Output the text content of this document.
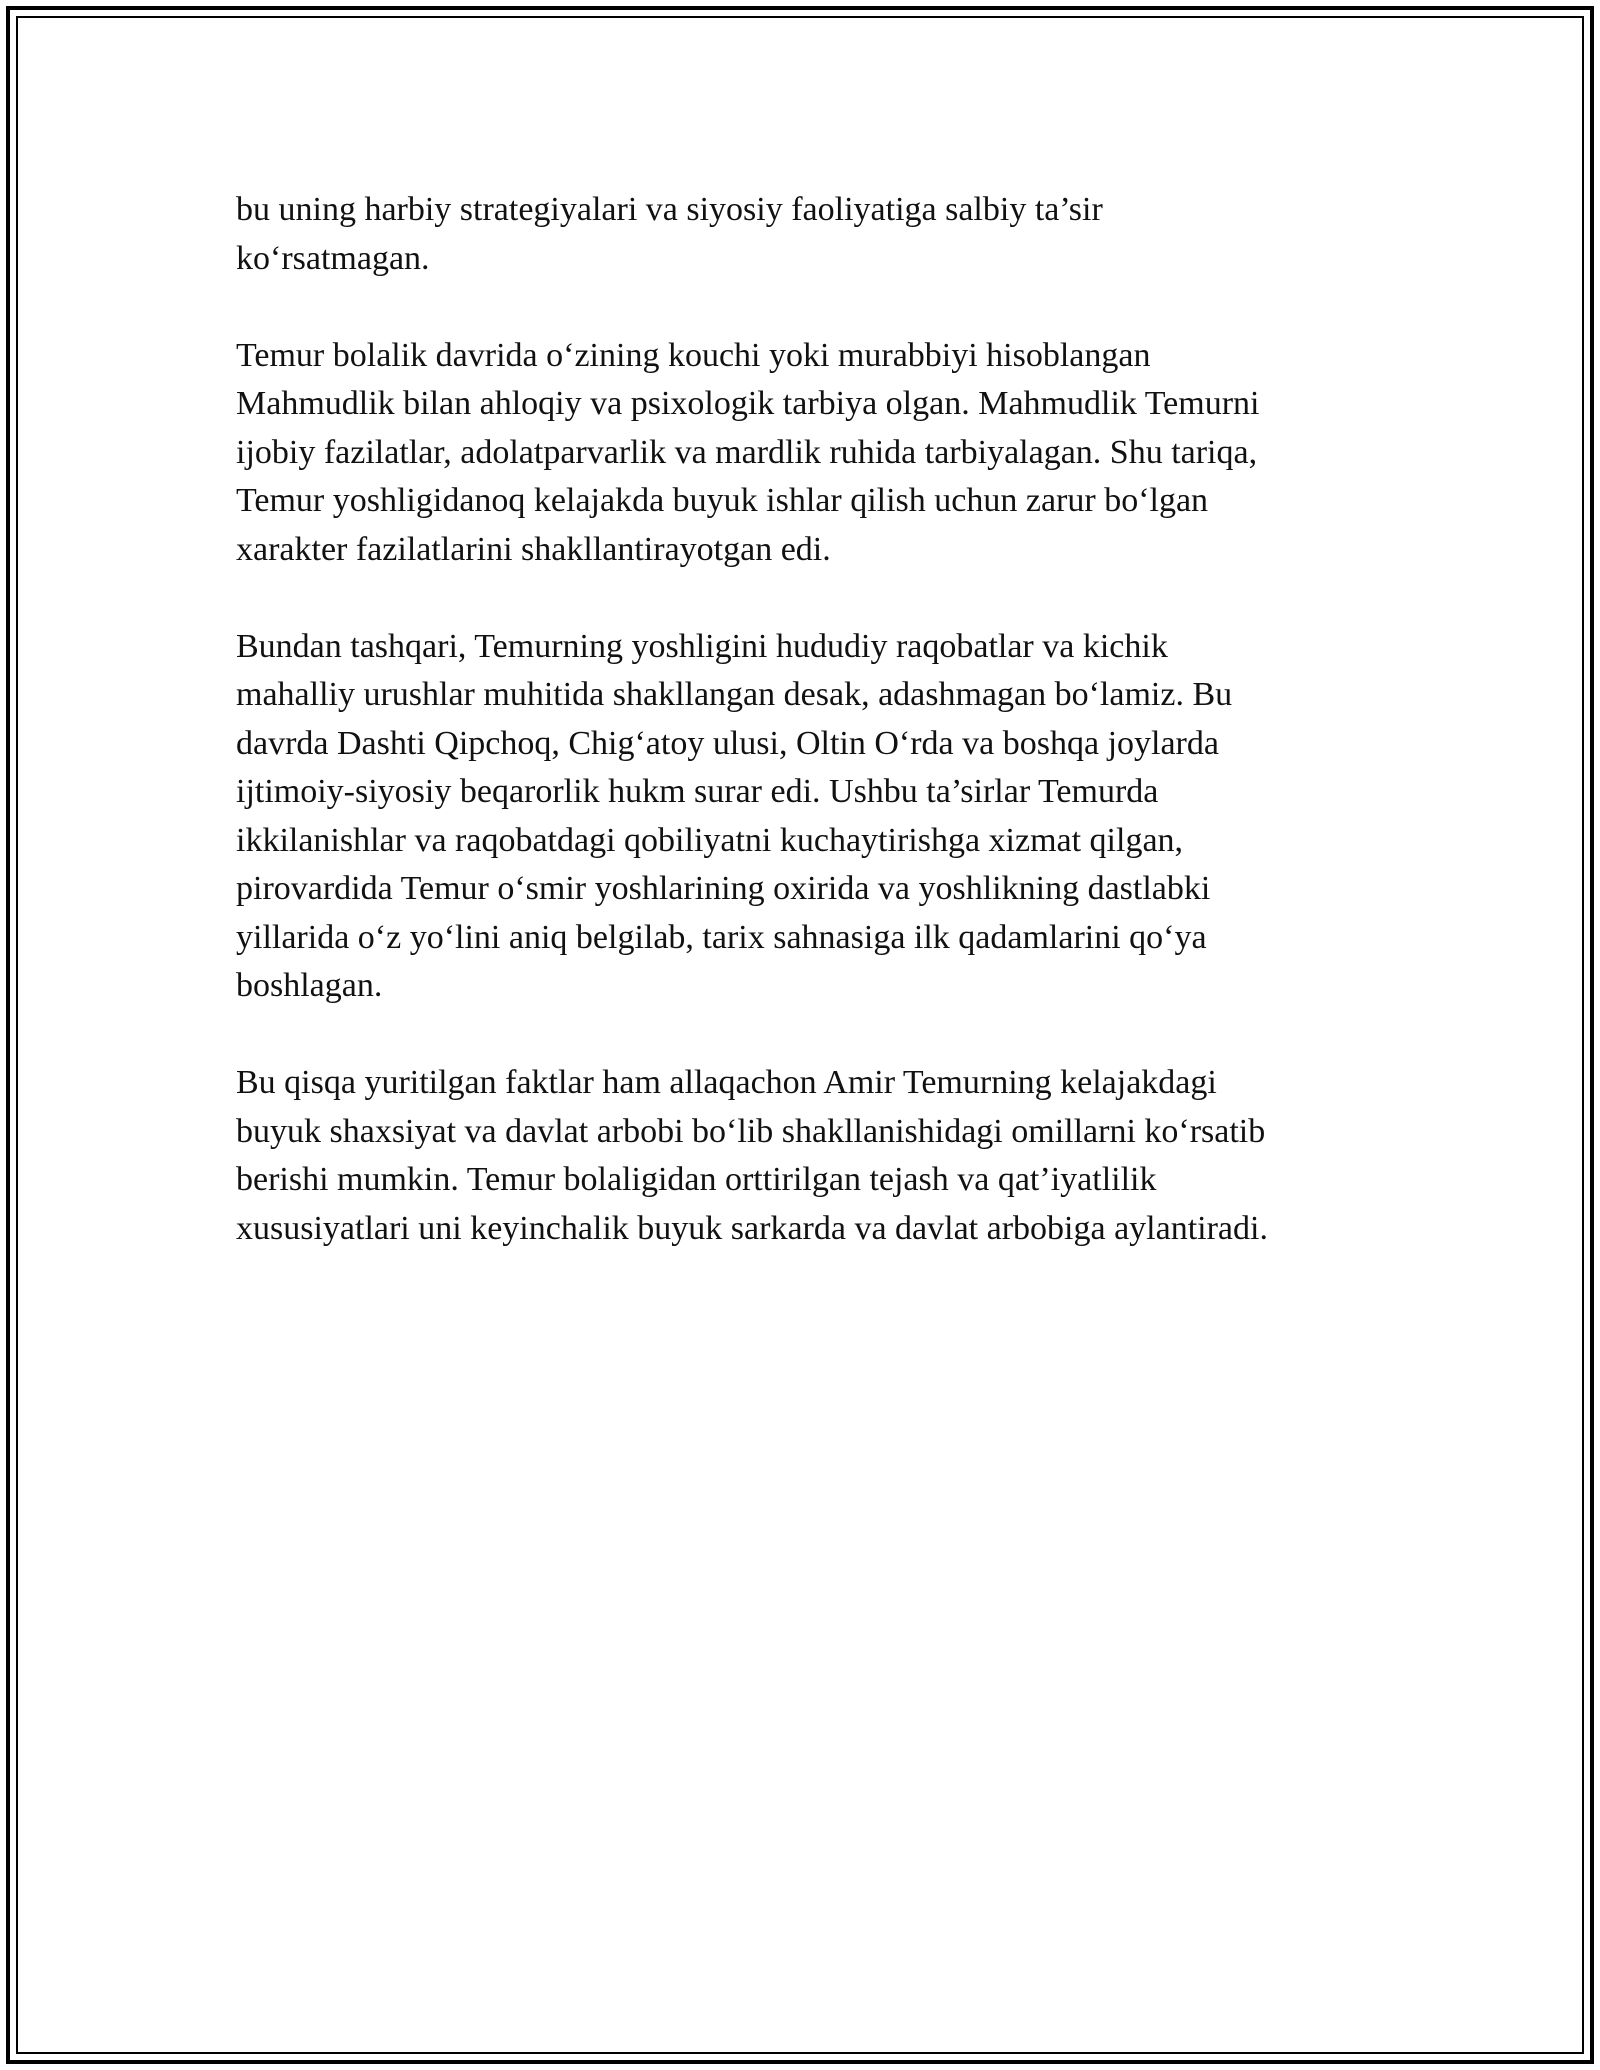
bu uning harbiy strategiyalari va siyosiy faoliyatiga salbiy ta’sir
ko‘rsatmagan.

Temur bolalik davrida o‘zining kouchi yoki murabbiyi hisoblangan
Mahmudlik bilan ahloqiy va psixologik tarbiya olgan. Mahmudlik Temurni
ijobiy fazilatlar, adolatparvarlik va mardlik ruhida tarbiyalagan. Shu tariqa,
Temur yoshligidanoq kelajakda buyuk ishlar qilish uchun zarur bo‘lgan
xarakter fazilatlarini shakllantirayotgan edi.

Bundan tashqari, Temurning yoshligini hududiy raqobatlar va kichik
mahalliy urushlar muhitida shakllangan desak, adashmagan bo‘lamiz. Bu
davrda Dashti Qipchoq, Chig‘atoy ulusi, Oltin O‘rda va boshqa joylarda
ijtimoiy-siyosiy beqarorlik hukm surar edi. Ushbu ta’sirlar Temurda
ikkilanishlar va raqobatdagi qobiliyatni kuchaytirishga xizmat qilgan,
pirovardida Temur o‘smir yoshlarining oxirida va yoshlikning dastlabki
yillarida o‘z yo‘lini aniq belgilab, tarix sahnasiga ilk qadamlarini qo‘ya
boshlagan.

Bu qisqa yuritilgan faktlar ham allaqachon Amir Temurning kelajakdagi
buyuk shaxsiyat va davlat arbobi bo‘lib shakllanishidagi omillarni ko‘rsatib
berishi mumkin. Temur bolaligidan orttirilgan tejash va qat’iyatlilik
xususiyatlari uni keyinchalik buyuk sarkarda va davlat arbobiga aylantiradi.
